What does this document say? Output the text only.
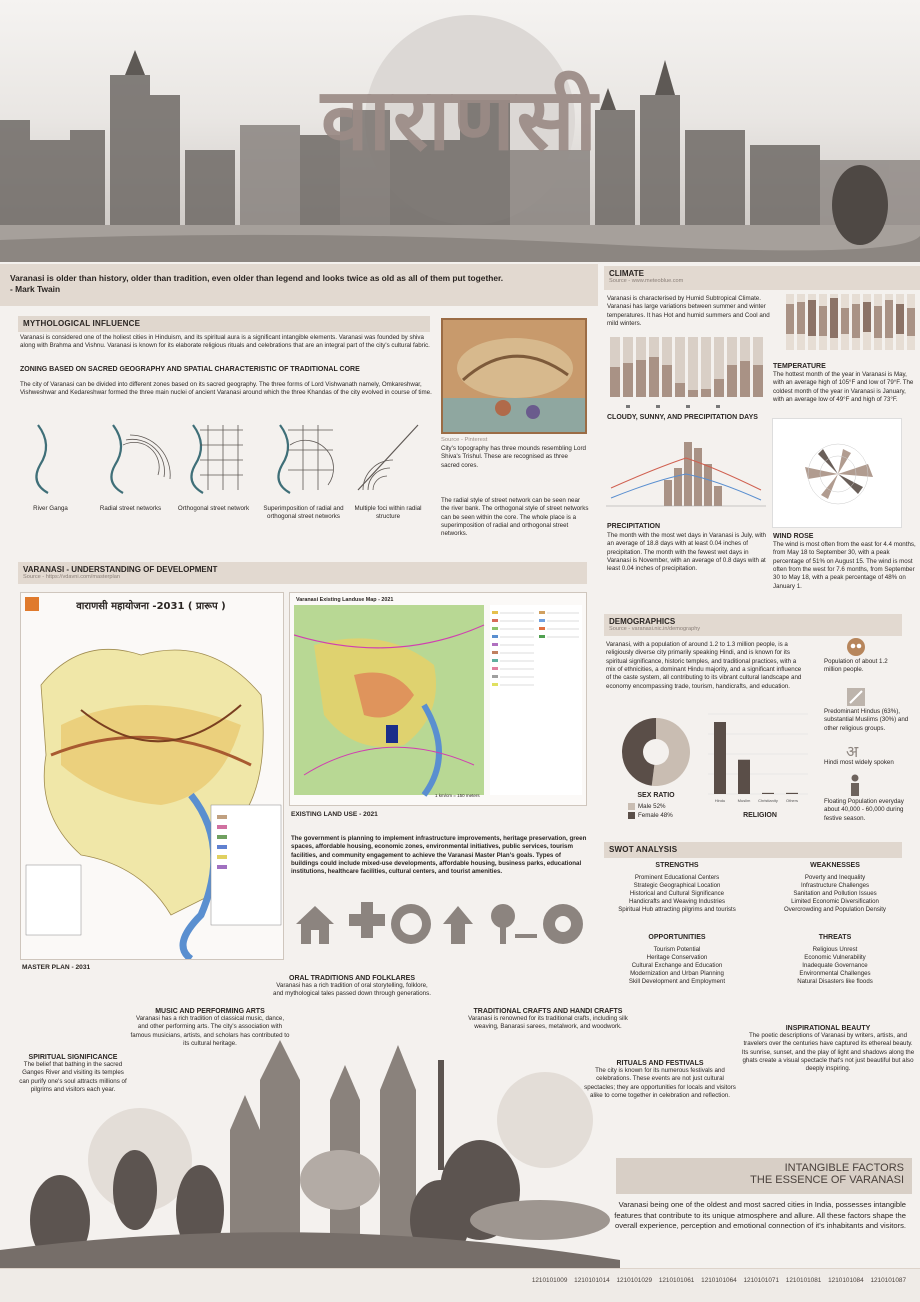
वाराणसी
Varanasi is older than history, older than tradition, even older than legend and looks twice as old as all of them put together.
- Mark Twain
MYTHOLOGICAL INFLUENCE
Varanasi is considered one of the holiest cities in Hinduism, and its spiritual aura is a significant intangible elements. Varanasi was founded by shiva along with Brahma and Vishnu. Varanasi is known for its elaborate religious rituals and celebrations that are an integral part of the city's cultural fabric.
ZONING BASED ON SACRED GEOGRAPHY AND SPATIAL CHARACTERISTIC OF TRADITIONAL CORE
The city of Varanasi can be divided into different zones based on its sacred geography. The three forms of Lord Vishwanath namely, Omkareshwar, Vishweshwar and Kedareshwar formed the three main nuclei of ancient Varanasi around which the three Khandas of the city evolved in course of time.
River Ganga	Radial street networks	Orthogonal street network	Superimposition of radial and orthogonal street networks
Multiple foci within radial structure
Source - Pinterest
City's topography has three mounds resembling Lord Shiva's Trishul. These are recognised as three sacred cores.
The radial style of street network can be seen near the river bank. The orthogonal style of street networks can be seen within the core. The whole place is a superimposition of radial and orthogonal street networks.
VARANASI - UNDERSTANDING OF DEVELOPMENT
Source - https://vdavni.com/masterplan
वाराणसी महायोजना -2031 ( प्रारूप )
MASTER PLAN - 2031
Varanasi Existing Landuse Map - 2021
1 km/cm = 150 meters
EXISTING LAND USE - 2021
The government is planning to implement infrastructure improvements, heritage preservation, green spaces, affordable housing, economic zones, environmental initiatives, public services, tourism facilities, and community engagement to achieve the Varanasi Master Plan's goals. Types of buildings could include mixed-use developments, affordable housing, business parks, educational institutions, healthcare facilities, cultural centers, and tourist amenities.
CLIMATE
Source - www.meteoblue.com
Varanasi is characterised by Humid Subtropical Climate. Varanasi has large variations between summer and winter temperatures. It has Hot and humid summers and Cool and mild winters.
TEMPERATURE
The hottest month of the year in Varanasi is May, with an average high of 105°F and low of 79°F. The coldest month of the year in Varanasi is January, with an average low of 49°F and high of 73°F.
CLOUDY, SUNNY, AND PRECIPITATION DAYS
PRECIPITATION
The month with the most wet days in Varanasi is July, with an average of 18.8 days with at least 0.04 inches of precipitation. The month with the fewest wet days in Varanasi is November, with an average of 0.8 days with at least 0.04 inches of precipitation.
WIND ROSE
The wind is most often from the east for 4.4 months, from May 18 to September 30, with a peak percentage of 51% on August 15. The wind is most often from the west for 7.6 months, from September 30 to May 18, with a peak percentage of 48% on January 1.
DEMOGRAPHICS
Source - varanasi.nic.in/demography
Varanasi, with a population of around 1.2 to 1.3 million people, is a religiously diverse city primarily speaking Hindi, and is known for its spiritual significance, historic temples, and traditional practices, with a mix of ethnicities, a dominant Hindu majority, and a significant influence of the caste system, all contributing to its vibrant cultural landscape and economy encompassing trade, tourism, handicrafts, and education.
Population of about 1.2 million people.
Predominant Hindus (63%), substantial Muslims (30%) and other religious groups.
अ
Hindi most widely spoken
Floating Population everyday about 40,000 - 60,000 during festive season.
SEX RATIO
Male 52%
Female 48%
Hindu	Muslim Christianity Others
RELIGION
SWOT ANALYSIS
STRENGTHS
Prominent Educational Centers
Strategic Geographical Location
Historical and Cultural Significance
Handicrafts and Weaving Industries
Spiritual Hub attracting pilgrims and tourists
WEAKNESSES
Poverty and Inequality
Infrastructure Challenges
Sanitation and Pollution Issues
Limited Economic Diversification
Overcrowding and Population Density
OPPORTUNITIES
Tourism Potential
Heritage Conservation
Cultural Exchange and Education
Modernization and Urban Planning
Skill Development and Employment
THREATS
Religious Unrest
Economic Vulnerability
Inadequate Governance
Environmental Challenges
Natural Disasters like floods
ORAL TRADITIONS AND FOLKLARES
Varanasi has a rich tradition of oral storytelling, folklore, and mythological tales passed down through generations.
MUSIC AND PERFORMING ARTS
Varanasi has a rich tradition of classical music, dance, and other performing arts. The city's association with famous musicians, artists, and scholars has contributed to its cultural heritage.
TRADITIONAL CRAFTS AND HANDI CRAFTS
Varanasi is renowned for its traditional crafts, including silk weaving, Banarasi sarees, metalwork, and woodwork.	INSPIRATIONAL BEAUTY
The poetic descriptions of Varanasi by writers, artists, and travelers over the centuries have captured its ethereal beauty. Its sunrise, sunset, and the play of light and shadows along the ghats create a visual spectacle that's not just beautiful but also deeply inspiring.
SPIRITUAL SIGNIFICANCE
The belief that bathing in the sacred Ganges River and visiting its temples can purify one's soul attracts millions of pilgrims and visitors each year.
RITUALS AND FESTIVALS
The city is known for its numerous festivals and celebrations. These events are not just cultural spectacles; they are opportunities for locals and visitors alike to come together in celebration and reflection.
INTANGIBLE FACTORS
THE ESSENCE OF VARANASI
Varanasi being one of the oldest and most sacred cities in India, possesses intangible features that contribute to its unique atmosphere and allure. All these factors shape the overall experience, perception and emotional connection of it's inhabitants and visitors.
1210101009 1210101014 1210101029 1210101061 1210101064 1210101071 1210101081 1210101084 1210101087
